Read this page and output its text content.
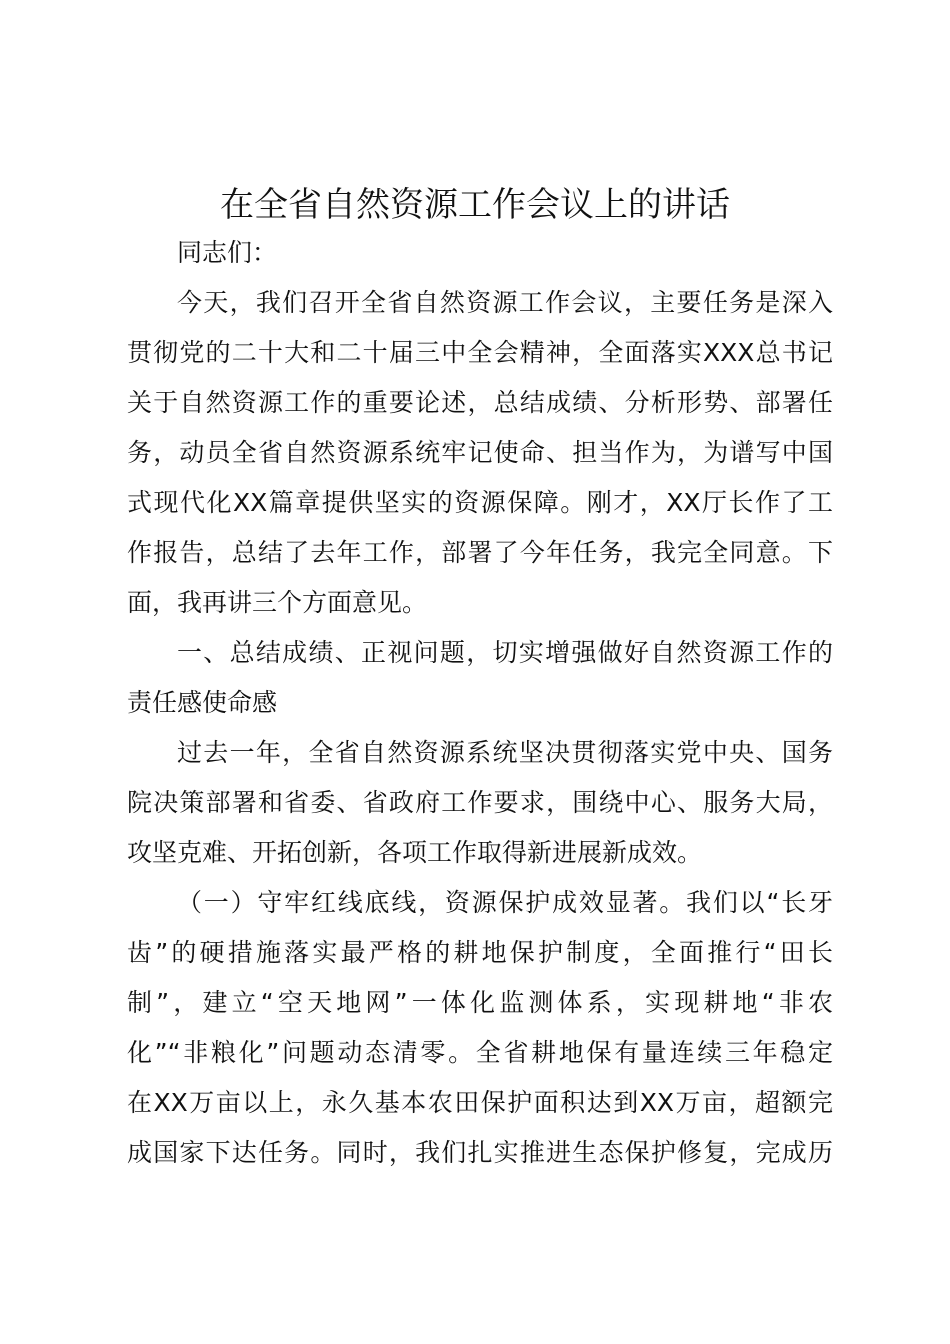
在全省自然资源工作会议上的讲话
同志们：
今天，我们召开全省自然资源工作会议，主要任务是深入
贯彻党的二十大和二十届三中全会精神，全面落实XXX总书记
关于自然资源工作的重要论述，总结成绩、分析形势、部署任
务，动员全省自然资源系统牢记使命、担当作为，为谱写中国
式现代化XX篇章提供坚实的资源保障。刚才，XX厅长作了工
作报告，总结了去年工作，部署了今年任务，我完全同意。下
面，我再讲三个方面意见。
一、总结成绩、正视问题，切实增强做好自然资源工作的
责任感使命感
过去一年，全省自然资源系统坚决贯彻落实党中央、国务
院决策部署和省委、省政府工作要求，围绕中心、服务大局，
攻坚克难、开拓创新，各项工作取得新进展新成效。
（一）守牢红线底线，资源保护成效显著。我们以“长牙
齿”的硬措施落实最严格的耕地保护制度，全面推行“田长
制”，建立“空天地网”一体化监测体系，实现耕地“非农
化”“非粮化”问题动态清零。全省耕地保有量连续三年稳定
在XX万亩以上，永久基本农田保护面积达到XX万亩，超额完
成国家下达任务。同时，我们扎实推进生态保护修复，完成历
